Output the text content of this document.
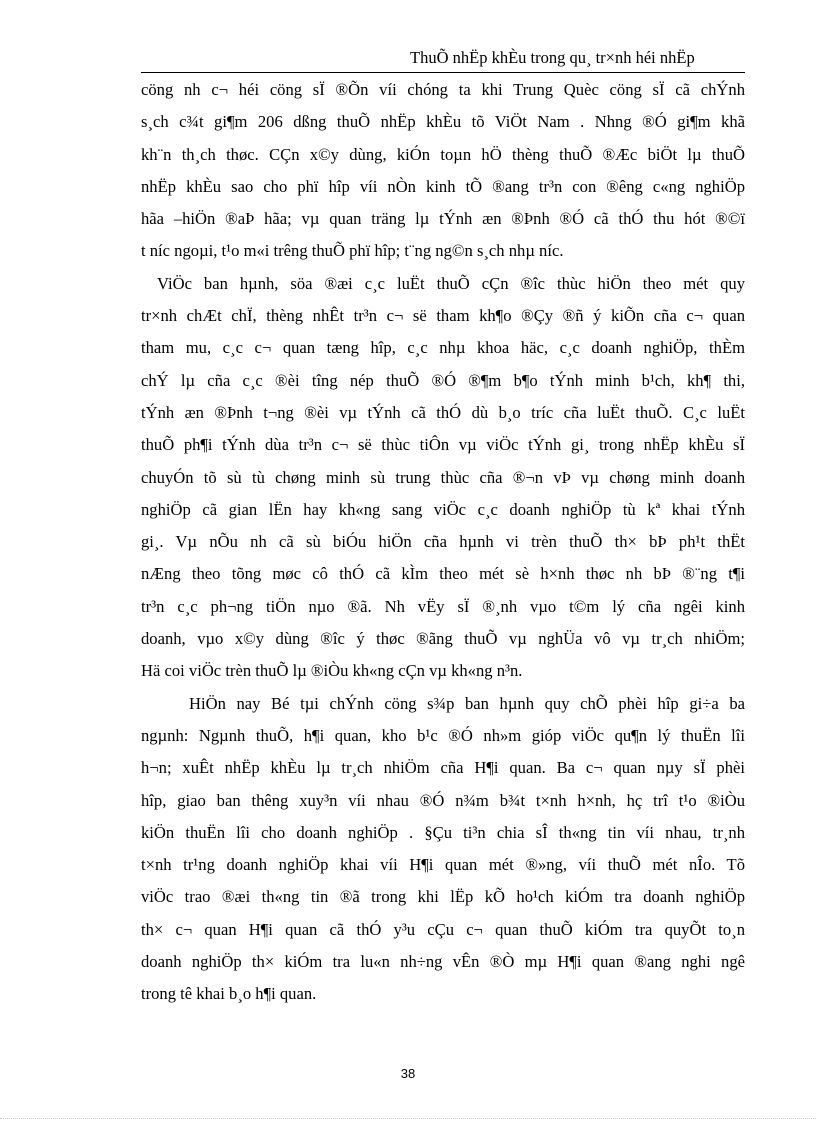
ThuÕ nhËp khÈu trong qu¸ tr×nh héi nhËp
cöng nh c¬ héi cöng sÏ ®Õn víi chóng ta khi Trung Quèc cöng sÏ cã chÝnh
s¸ch c¾t gi¶m 206 dßng thuÕ nhËp khÈu tõ ViÖt Nam . Nhng ®Ó gi¶m khã
kh¨n th¸ch thøc. CÇn x©y dùng, kiÓn toµn hÖ thèng thuÕ ®Æc biÖt lµ thuÕ
nhËp khÈu sao cho phï hîp víi nÒn kinh tÕ ®ang tr³n con ®êng c«ng nghiÖp
hãa –hiÖn ®aÞ hãa; vµ quan träng lµ tÝnh æn ®Þnh ®Ó cã thÓ thu hót ®©ï
t níc ngoµi, t¹o m«i trêng thuÕ phï hîp; t¨ng ng©n s¸ch nhµ níc.
ViÖc ban hµnh, söa ®æi c¸c luËt thuÕ cÇn ®îc thùc hiÖn theo mét quy
tr×nh chÆt chÏ, thèng nhÊt tr³n c¬ së tham kh¶o ®Çy ®ñ ý kiÕn cña c¬ quan
tham mu, c¸c c¬ quan tæng hîp, c¸c nhµ khoa häc, c¸c doanh nghiÖp, thÈm
chÝ lµ cña c¸c ®èi tîng nép thuÕ ®Ó ®¶m b¶o tÝnh minh b¹ch, kh¶ thi,
tÝnh æn ®Þnh t¬ng ®èi vµ tÝnh cã thÓ dù b¸o tríc cña luËt thuÕ. C¸c luËt
thuÕ ph¶i tÝnh dùa tr³n c¬ së thùc tiÔn vµ viÖc tÝnh gi¸ trong nhËp khÈu sÏ
chuyÓn tõ sù tù chøng minh sù trung thùc cña ®¬n vÞ vµ chøng minh doanh
nghiÖp cã gian lËn hay kh«ng sang viÖc c¸c doanh nghiÖp tù kª khai tÝnh
gi¸. Vµ nÕu nh cã sù biÓu hiÖn cña hµnh vi trèn thuÕ th× bÞ ph¹t thËt
nÆng theo tõng møc cô thÓ cã kÌm theo mét sè h×nh thøc nh bÞ ®¨ng t¶i
tr³n c¸c ph¬ng tiÖn nµo ®ã. Nh vËy sÏ ®¸nh vµo t©m lý cña ngêi kinh
doanh, vµo x©y dùng ®îc ý thøc ®ãng thuÕ vµ nghÜa vô vµ tr¸ch nhiÖm;
Hä coi viÖc trèn thuÕ lµ ®iÒu kh«ng cÇn vµ kh«ng n³n.
HiÖn nay Bé tµi chÝnh cöng s¾p ban hµnh quy chÕ phèi hîp gi÷a ba
ngµnh: Ngµnh thuÕ, h¶i quan, kho b¹c ®Ó nh»m gióp viÖc qu¶n lý thuËn lîi
h¬n; xuÊt nhËp khÈu lµ tr¸ch nhiÖm cña H¶i quan. Ba c¬ quan nµy sÏ phèi
hîp, giao ban thêng xuy³n víi nhau ®Ó n¾m b¾t t×nh h×nh, hç trî t¹o ®iÒu
kiÖn thuËn lîi cho doanh nghiÖp . §Çu ti³n chia sÎ th«ng tin víi nhau, tr¸nh
t×nh tr¹ng doanh nghiÖp khai víi H¶i quan mét ®»ng, víi thuÕ mét nÎo. Tõ
viÖc trao ®æi th«ng tin ®ã trong khi lËp kÕ ho¹ch kiÓm tra doanh nghiÖp
th× c¬ quan H¶i quan cã thÓ y³u cÇu c¬ quan thuÕ kiÓm tra quyÕt to¸n
doanh nghiÖp th× kiÓm tra lu«n nh÷ng vÊn ®Ò mµ H¶i quan ®ang nghi ngê
trong tê khai b¸o h¶i quan.
38
